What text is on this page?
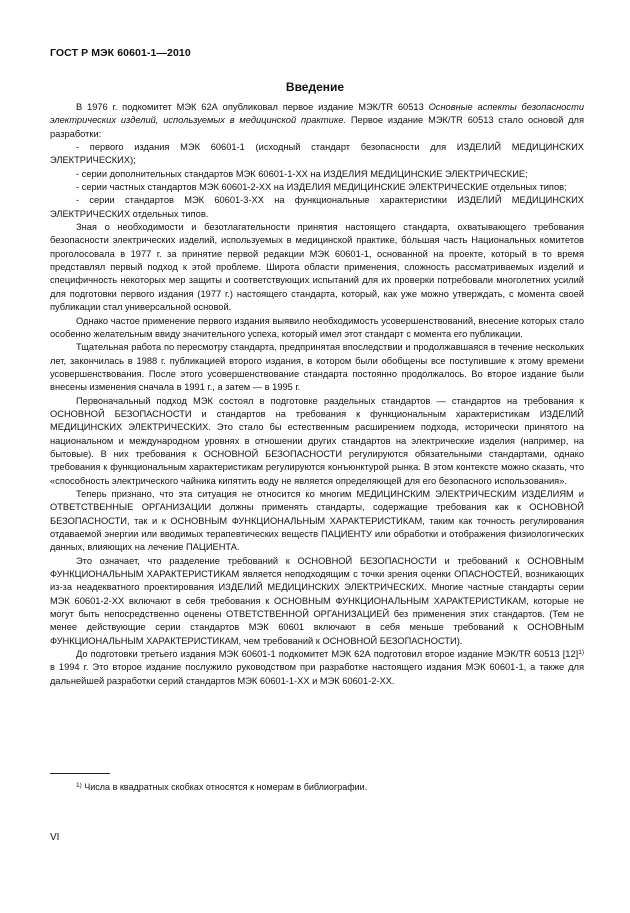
ГОСТ Р МЭК 60601-1—2010
Введение

В 1976 г. подкомитет МЭК 62А опубликовал первое издание МЭК/TR 60513 Основные аспекты безопасности электрических изделий, используемых в медицинской практике. Первое издание МЭК/TR 60513 стало основой для разработки:

- первого издания МЭК 60601-1 (исходный стандарт безопасности для ИЗДЕЛИЙ МЕДИЦИНСКИХ ЭЛЕКТРИЧЕСКИХ);

- серии дополнительных стандартов МЭК 60601-1-XX на ИЗДЕЛИЯ МЕДИЦИНСКИЕ ЭЛЕКТРИЧЕСКИЕ;

- серии частных стандартов МЭК 60601-2-XX на ИЗДЕЛИЯ МЕДИЦИНСКИЕ ЭЛЕКТРИЧЕСКИЕ отдельных типов;

- серии стандартов МЭК 60601-3-XX на функциональные характеристики ИЗДЕЛИЙ МЕДИЦИНСКИХ ЭЛЕКТРИЧЕСКИХ отдельных типов.

Зная о необходимости и безотлагательности принятия настоящего стандарта, охватывающего требования безопасности электрических изделий, используемых в медицинской практике, бóльшая часть Национальных комитетов проголосовала в 1977 г. за принятие первой редакции МЭК 60601-1, основанной на проекте, который в то время представлял первый подход к этой проблеме. Широта области применения, сложность рассматриваемых изделий и специфичность некоторых мер защиты и соответствующих испытаний для их проверки потребовали многолетних усилий для подготовки первого издания (1977 г.) настоящего стандарта, который, как уже можно утверждать, с момента своей публикации стал универсальной основой.

Однако частое применение первого издания выявило необходимость усовершенствований, внесение которых стало особенно желательным ввиду значительного успеха, который имел этот стандарт с момента его публикации.

Тщательная работа по пересмотру стандарта, предпринятая впоследствии и продолжавшаяся в течение нескольких лет, закончилась в 1988 г. публикацией второго издания, в котором были обобщены все поступившие к этому времени усовершенствования. После этого усовершенствование стандарта постоянно продолжалось. Во второе издание были внесены изменения сначала в 1991 г., а затем — в 1995 г.

Первоначальный подход МЭК состоял в подготовке раздельных стандартов — стандартов на требования к ОСНОВНОЙ БЕЗОПАСНОСТИ и стандартов на требования к функциональным характеристикам ИЗДЕЛИЙ МЕДИЦИНСКИХ ЭЛЕКТРИЧЕСКИХ. Это стало бы естественным расширением подхода, исторически принятого на национальном и международном уровнях в отношении других стандартов на электрические изделия (например, на бытовые). В них требования к ОСНОВНОЙ БЕЗОПАСНОСТИ регулируются обязательными стандартами, однако требования к функциональным характеристикам регулируются конъюнктурой рынка. В этом контексте можно сказать, что «способность электрического чайника кипятить воду не является определяющей для его безопасного использования».

Теперь признано, что эта ситуация не относится ко многим МЕДИЦИНСКИМ ЭЛЕКТРИЧЕСКИМ ИЗДЕЛИЯМ и ОТВЕТСТВЕННЫЕ ОРГАНИЗАЦИИ должны применять стандарты, содержащие требования как к ОСНОВНОЙ БЕЗОПАСНОСТИ, так и к ОСНОВНЫМ ФУНКЦИОНАЛЬНЫМ ХАРАКТЕРИСТИКАМ, таким как точность регулирования отдаваемой энергии или вводимых терапевтических веществ ПАЦИЕНТУ или обработки и отображения физиологических данных, влияющих на лечение ПАЦИЕНТА.

Это означает, что разделение требований к ОСНОВНОЙ БЕЗОПАСНОСТИ и требований к ОСНОВНЫМ ФУНКЦИОНАЛЬНЫМ ХАРАКТЕРИСТИКАМ является неподходящим с точки зрения оценки ОПАСНОСТЕЙ, возникающих из-за неадекватного проектирования ИЗДЕЛИЙ МЕДИЦИНСКИХ ЭЛЕКТРИЧЕСКИХ. Многие частные стандарты серии МЭК 60601-2-XX включают в себя требования к ОСНОВНЫМ ФУНКЦИОНАЛЬНЫМ ХАРАКТЕРИСТИКАМ, которые не могут быть непосредственно оценены ОТВЕТСТВЕННОЙ ОРГАНИЗАЦИЕЙ без применения этих стандартов. (Тем не менее действующие серии стандартов МЭК 60601 включают в себя меньше требований к ОСНОВНЫМ ФУНКЦИОНАЛЬНЫМ ХАРАКТЕРИСТИКАМ, чем требований к ОСНОВНОЙ БЕЗОПАСНОСТИ).

До подготовки третьего издания МЭК 60601-1 подкомитет МЭК 62А подготовил второе издание МЭК/TR 60513 $[12]^{1)}$ в 1994 г. Это второе издание послужило руководством при разработке настоящего издания МЭК 60601-1, а также для дальнейшей разработки серий стандартов МЭК 60601-1-XX и МЭК 60601-2-XX.

$^{1)}$ Числа в квадратных скобках относятся к номерам в библиографии.
VI
